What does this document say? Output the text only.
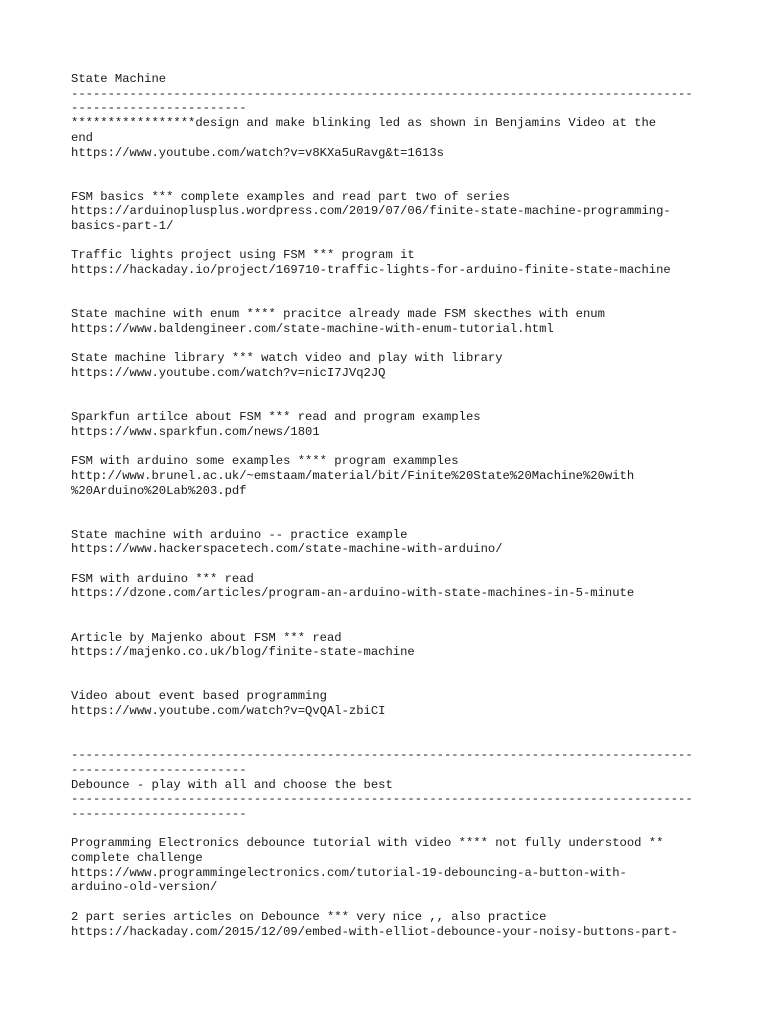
State Machine
-------------------------------------------------------------------------------------
------------------------
*****************design and make blinking led as shown in Benjamins Video at the
end
https://www.youtube.com/watch?v=v8KXa5uRavg&t=1613s
FSM basics *** complete examples and read part two of series
https://arduinoplusplus.wordpress.com/2019/07/06/finite-state-machine-programming-
basics-part-1/
Traffic lights project using FSM *** program it
https://hackaday.io/project/169710-traffic-lights-for-arduino-finite-state-machine
State machine with enum **** pracitce already made FSM skecthes with enum
https://www.baldengineer.com/state-machine-with-enum-tutorial.html
State machine library *** watch video and play with library
https://www.youtube.com/watch?v=nicI7JVq2JQ
Sparkfun artilce about FSM *** read and program examples
https://www.sparkfun.com/news/1801
FSM with arduino some examples **** program exammples
http://www.brunel.ac.uk/~emstaam/material/bit/Finite%20State%20Machine%20with
%20Arduino%20Lab%203.pdf
State machine with arduino -- practice example
https://www.hackerspacetech.com/state-machine-with-arduino/
FSM with arduino *** read
https://dzone.com/articles/program-an-arduino-with-state-machines-in-5-minute
Article by Majenko about FSM *** read
https://majenko.co.uk/blog/finite-state-machine
Video about event based programming
https://www.youtube.com/watch?v=QvQAl-zbiCI
-------------------------------------------------------------------------------------
------------------------
Debounce - play with all and choose the best
-------------------------------------------------------------------------------------
------------------------
Programming Electronics debounce tutorial with video **** not fully understood **
complete challenge
https://www.programmingelectronics.com/tutorial-19-debouncing-a-button-with-
arduino-old-version/
2 part series articles on Debounce *** very nice ,, also practice
https://hackaday.com/2015/12/09/embed-with-elliot-debounce-your-noisy-buttons-part-
